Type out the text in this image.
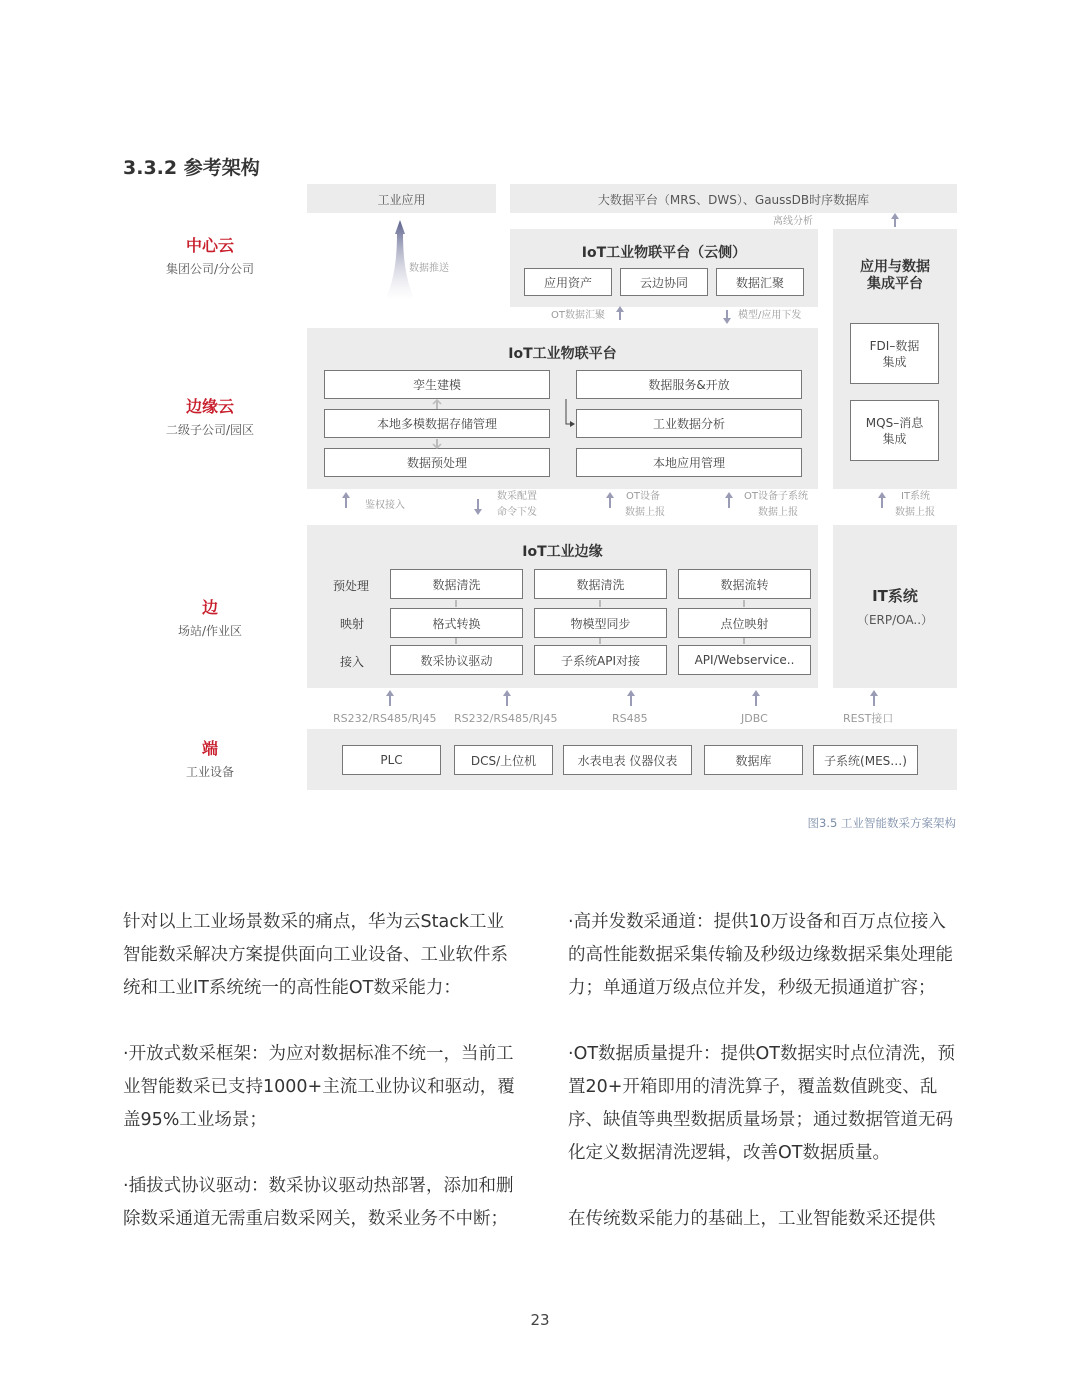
3.3.2 参考架构
中心云
集团公司/分公司
边缘云
二级子公司/园区
边
场站/作业区
端
工业设备
工业应用	大数据平台（MRS、DWS）、GaussDB时序数据库
数据推送
离线分析
IoT工业物联平台（云侧）
应用资产	云边协同	数据汇聚
OT数据汇聚	模型/应用下发
应用与数据集成平台
FDI–数据集成
MQS–消息集成
IoT工业物联平台
孪生建模
本地多模数据存储管理
数据预处理
数据服务&开放
工业数据分析
本地应用管理
鉴权接入
数采配置
命令下发
OT设备
数据上报
OT设备子系统
数据上报
IT系统
数据上报
IoT工业边缘
预处理
映射
接入
数据清洗	数据清洗	数据流转
格式转换	物模型同步	点位映射
数采协议驱动	子系统API对接	API/Webservice..
IT系统
（ERP/OA..）
RS232/RS485/RJ45 RS232/RS485/RJ45	RS485	JDBC	REST接口
PLC	DCS/上位机	水表电表 仪器仪表	数据库	子系统(MES…)
图3.5 工业智能数采方案架构

针对以上工业场景数采的痛点，华为云Stack工业智能数采解决方案提供面向工业设备、工业软件系统和工业IT系统统一的高性能OT数采能力：

·开放式数采框架：为应对数据标准不统一，当前工业智能数采已支持1000+主流工业协议和驱动，覆盖95%工业场景；

·插拔式协议驱动：数采协议驱动热部署，添加和删除数采通道无需重启数采网关，数采业务不中断；

·高并发数采通道：提供10万设备和百万点位接入的高性能数据采集传输及秒级边缘数据采集处理能力；单通道万级点位并发，秒级无损通道扩容；

·OT数据质量提升：提供OT数据实时点位清洗，预置20+开箱即用的清洗算子，覆盖数值跳变、乱序、缺值等典型数据质量场景；通过数据管道无码化定义数据清洗逻辑，改善OT数据质量。

在传统数采能力的基础上，工业智能数采还提供

23
